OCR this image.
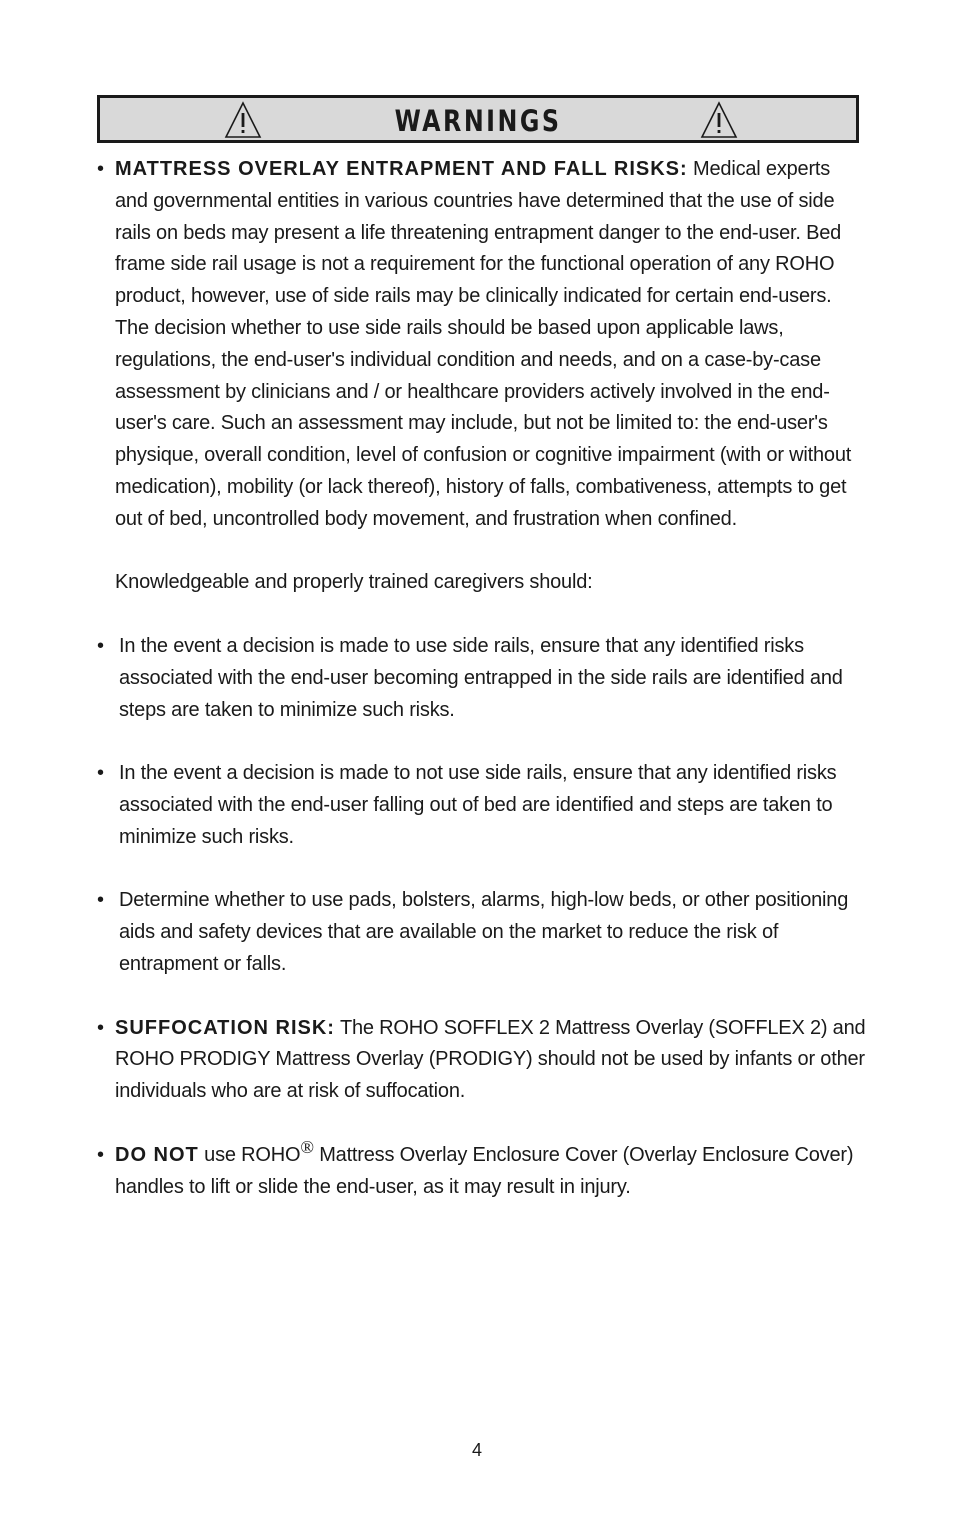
WARNINGS
• MATTRESS OVERLAY ENTRAPMENT AND FALL RISKS: Medical experts and governmental entities in various countries have determined that the use of side rails on beds may present a life threatening entrapment danger to the end-user. Bed frame side rail usage is not a requirement for the functional operation of any ROHO product, however, use of side rails may be clinically indicated for certain end-users. The decision whether to use side rails should be based upon applicable laws, regulations, the end-user's individual condition and needs, and on a case-by-case assessment by clinicians and / or healthcare providers actively involved in the end-user's care. Such an assessment may include, but not be limited to: the end-user's physique, overall condition, level of confusion or cognitive impairment (with or without medication), mobility (or lack thereof), history of falls, combativeness, attempts to get out of bed, uncontrolled body movement, and frustration when confined.

Knowledgeable and properly trained caregivers should:

• In the event a decision is made to use side rails, ensure that any identified risks associated with the end-user becoming entrapped in the side rails are identified and steps are taken to minimize such risks.

• In the event a decision is made to not use side rails, ensure that any identified risks associated with the end-user falling out of bed are identified and steps are taken to minimize such risks.

• Determine whether to use pads, bolsters, alarms, high-low beds, or other positioning aids and safety devices that are available on the market to reduce the risk of entrapment or falls.

• SUFFOCATION RISK: The ROHO SOFFLEX 2 Mattress Overlay (SOFFLEX 2) and ROHO PRODIGY Mattress Overlay (PRODIGY) should not be used by infants or other individuals who are at risk of suffocation.

• DO NOT use ROHO® Mattress Overlay Enclosure Cover (Overlay Enclosure Cover) handles to lift or slide the end-user, as it may result in injury.

4
